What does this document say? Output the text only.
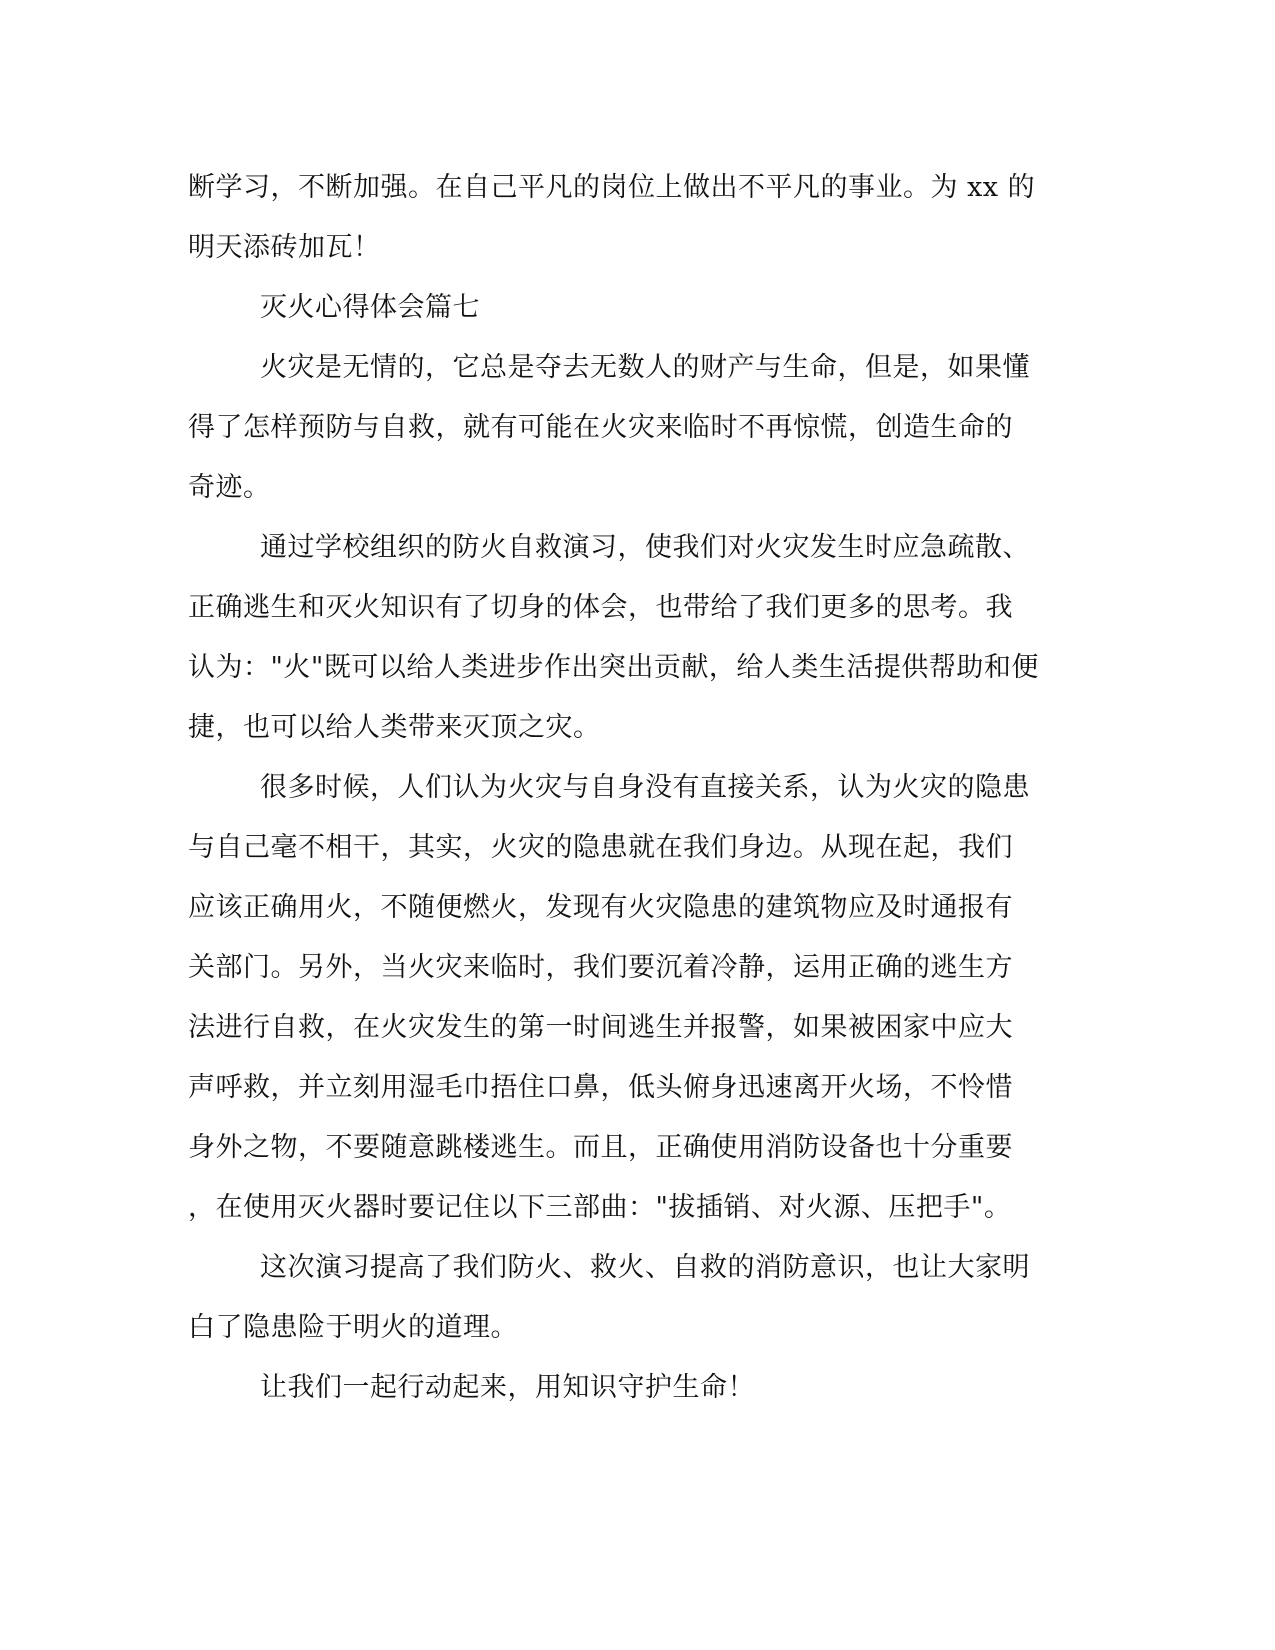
断学习，不断加强。在自己平凡的岗位上做出不平凡的事业。为 xx 的
明天添砖加瓦！
灭火心得体会篇七
火灾是无情的，它总是夺去无数人的财产与生命，但是，如果懂
得了怎样预防与自救，就有可能在火灾来临时不再惊慌，创造生命的
奇迹。
通过学校组织的防火自救演习，使我们对火灾发生时应急疏散、
正确逃生和灭火知识有了切身的体会，也带给了我们更多的思考。我
认为："火"既可以给人类进步作出突出贡献，给人类生活提供帮助和便
捷，也可以给人类带来灭顶之灾。
很多时候，人们认为火灾与自身没有直接关系，认为火灾的隐患
与自己毫不相干，其实，火灾的隐患就在我们身边。从现在起，我们
应该正确用火，不随便燃火，发现有火灾隐患的建筑物应及时通报有
关部门。另外，当火灾来临时，我们要沉着冷静，运用正确的逃生方
法进行自救，在火灾发生的第一时间逃生并报警，如果被困家中应大
声呼救，并立刻用湿毛巾捂住口鼻，低头俯身迅速离开火场，不怜惜
身外之物，不要随意跳楼逃生。而且，正确使用消防设备也十分重要
，在使用灭火器时要记住以下三部曲："拔插销、对火源、压把手"。
这次演习提高了我们防火、救火、自救的消防意识，也让大家明
白了隐患险于明火的道理。
让我们一起行动起来，用知识守护生命！
